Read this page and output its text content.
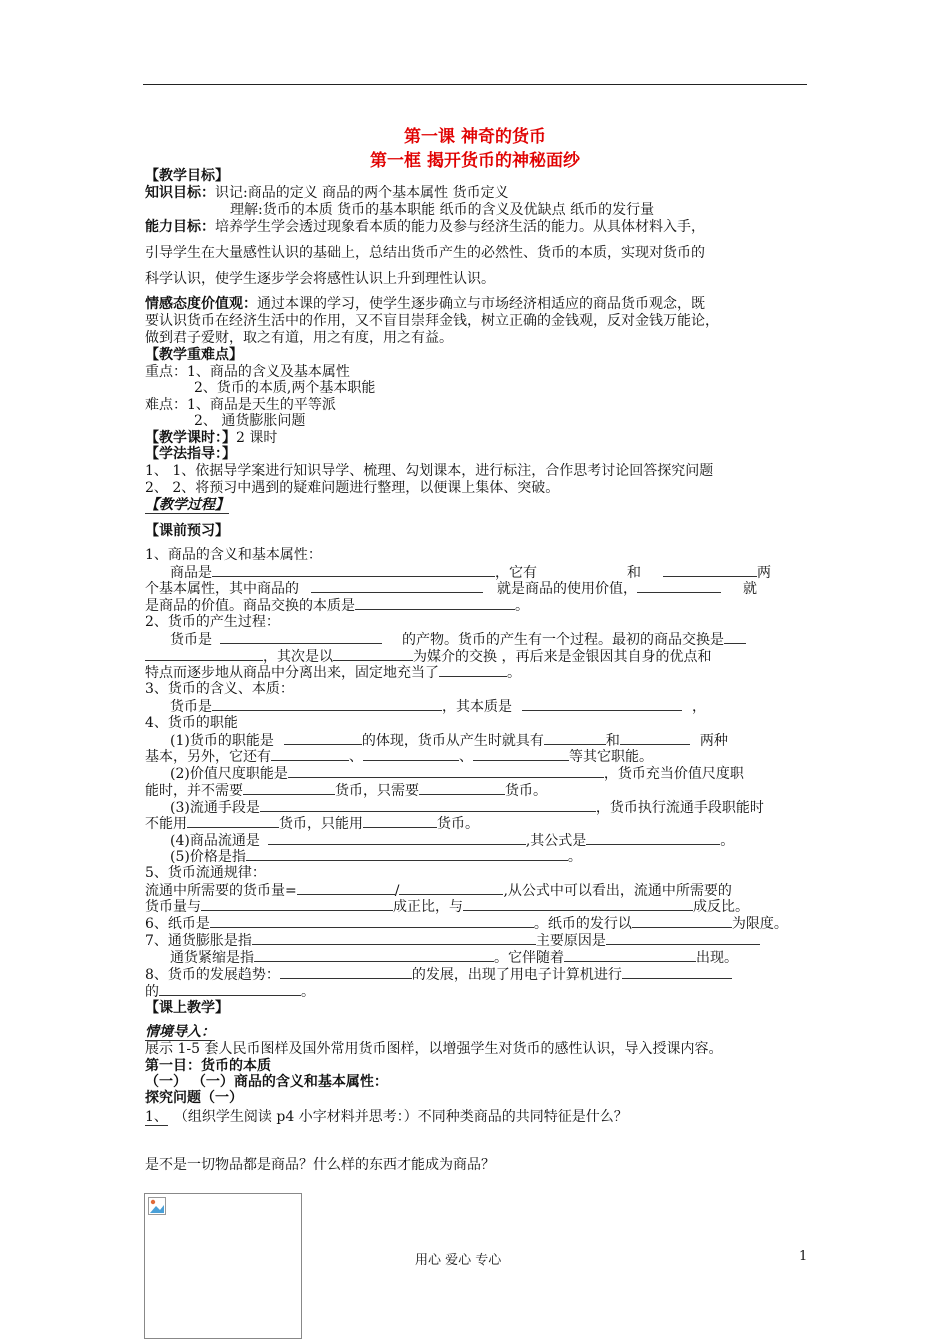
第一课 神奇的货币
第一框 揭开货币的神秘面纱
【教学目标】
知识目标：识记:商品的定义 商品的两个基本属性 货币定义
理解:货币的本质 货币的基本职能 纸币的含义及优缺点 纸币的发行量
能力目标：培养学生学会透过现象看本质的能力及参与经济生活的能力。从具体材料入手，
引导学生在大量感性认识的基础上，总结出货币产生的必然性、货币的本质，实现对货币的
科学认识，使学生逐步学会将感性认识上升到理性认识。
情感态度价值观：通过本课的学习，使学生逐步确立与市场经济相适应的商品货币观念，既
要认识货币在经济生活中的作用，又不盲目崇拜金钱，树立正确的金钱观，反对金钱万能论，
做到君子爱财，取之有道，用之有度，用之有益。
【教学重难点】
重点：1、商品的含义及基本属性
2、货币的本质,两个基本职能
难点：1、商品是天生的平等派
2、 通货膨胀问题
【教学课时：】2 课时
【学法指导：】
1、 1、依据导学案进行知识导学、梳理、勾划课本，进行标注，合作思考讨论回答探究问题
2、 2、将预习中遇到的疑难问题进行整理，以便课上集体、突破。
【教学过程】
【课前预习】
1、商品的含义和基本属性：
商品是	，它有	和	两
个基本属性，其中商品的	就是商品的使用价值，	就
是商品的价值。商品交换的本质是	。
2、货币的产生过程：
货币是	的产物。货币的产生有一个过程。最初的商品交换是
，其次是以	为媒介的交换 ，再后来是金银因其自身的优点和
特点而逐步地从商品中分离出来，固定地充当了	。
3、货币的含义、本质：
货币是	，其本质是	，
4、货币的职能
(1)货币的职能是	的体现，货币从产生时就具有	和	两种
基本，另外，它还有	、	、	等其它职能。
(2)价值尺度职能是	，货币充当价值尺度职
能时，并不需要	货币，只需要	货币。
(3)流通手段是	，货币执行流通手段职能时
不能用	货币，只能用	货币。
(4)商品流通是	,其公式是	。
(5)价格是指	。
5、货币流通规律：
流通中所需要的货币量=	/	,从公式中可以看出，流通中所需要的
货币量与	成正比，与	成反比。
6、纸币是	。纸币的发行以	为限度。
7、通货膨胀是指	主要原因是
通货紧缩是指	。它伴随着	出现。
8、货币的发展趋势：	的发展，出现了用电子计算机进行
的	。
【课上教学】
情境导入：
展示 1-5 套人民币图样及国外常用货币图样，以增强学生对货币的感性认识，导入授课内容。
第一目：货币的本质
（一） （一）商品的含义和基本属性：
探究问题（一）
1、 （组织学生阅读 p4 小字材料并思考：）不同种类商品的共同特征是什么？
是不是一切物品都是商品？什么样的东西才能成为商品？
用心 爱心 专心	1
